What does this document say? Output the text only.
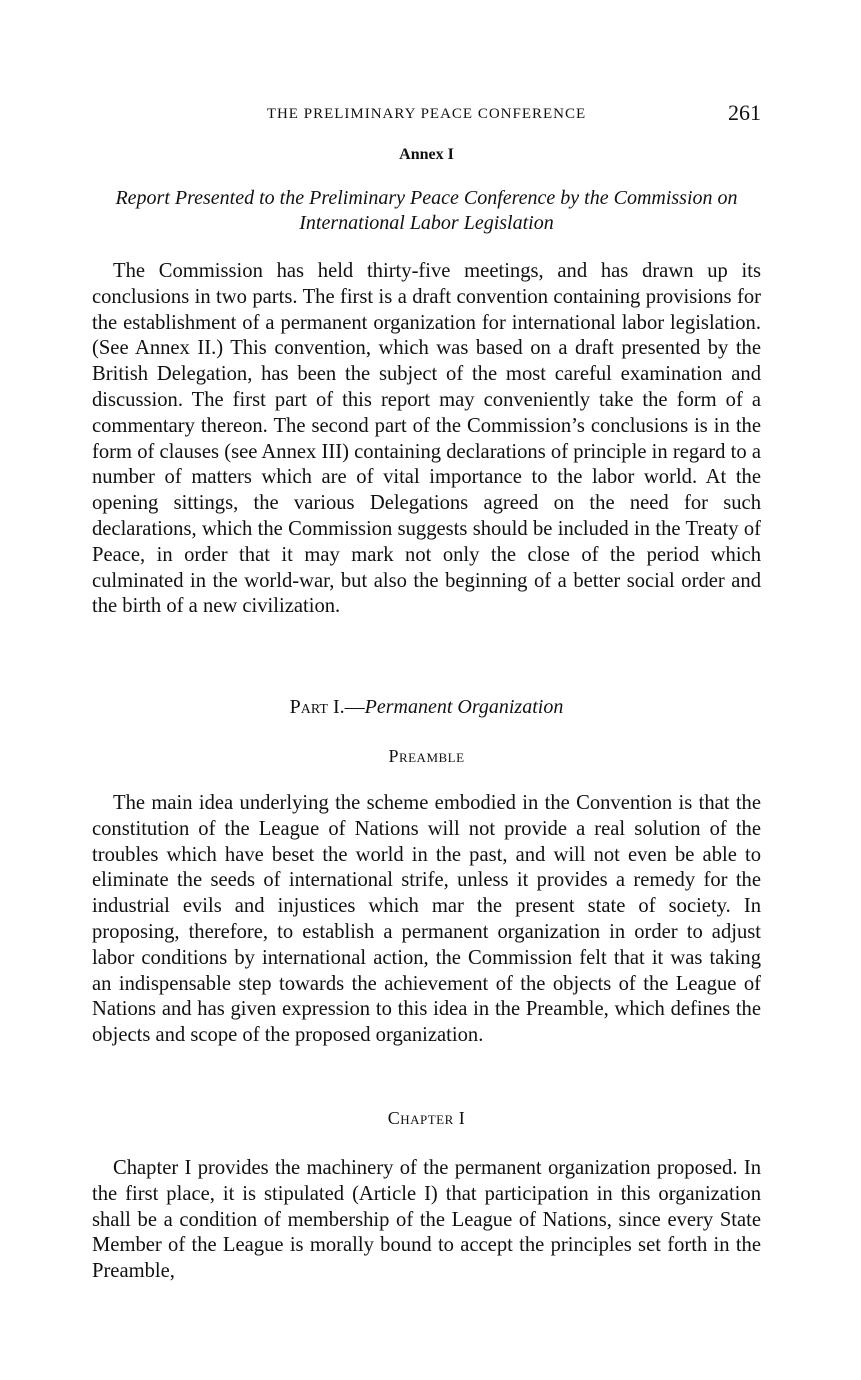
THE PRELIMINARY PEACE CONFERENCE	261
Annex I
Report Presented to the Preliminary Peace Conference by the Commission on International Labor Legislation

The Commission has held thirty-five meetings, and has drawn up its conclusions in two parts. The first is a draft convention containing provisions for the establishment of a permanent organization for international labor legislation. (See Annex II.) This convention, which was based on a draft presented by the British Delegation, has been the subject of the most careful examination and discussion. The first part of this report may conveniently take the form of a commentary thereon. The second part of the Commission’s conclusions is in the form of clauses (see Annex III) containing declarations of principle in regard to a number of matters which are of vital importance to the labor world. At the opening sittings, the various Delegations agreed on the need for such declarations, which the Commission suggests should be included in the Treaty of Peace, in order that it may mark not only the close of the period which culminated in the world-war, but also the beginning of a better social order and the birth of a new civilization.

Part I.—Permanent Organization
Preamble

The main idea underlying the scheme embodied in the Convention is that the constitution of the League of Nations will not provide a real solution of the troubles which have beset the world in the past, and will not even be able to eliminate the seeds of international strife, unless it provides a remedy for the industrial evils and injustices which mar the present state of society. In proposing, therefore, to establish a permanent organization in order to adjust labor conditions by international action, the Commission felt that it was taking an indispensable step towards the achievement of the objects of the League of Nations and has given expression to this idea in the Preamble, which defines the objects and scope of the proposed organization.

Chapter I

Chapter I provides the machinery of the permanent organization proposed. In the first place, it is stipulated (Article I) that participation in this organization shall be a condition of membership of the League of Nations, since every State Member of the League is morally bound to accept the principles set forth in the Preamble,
